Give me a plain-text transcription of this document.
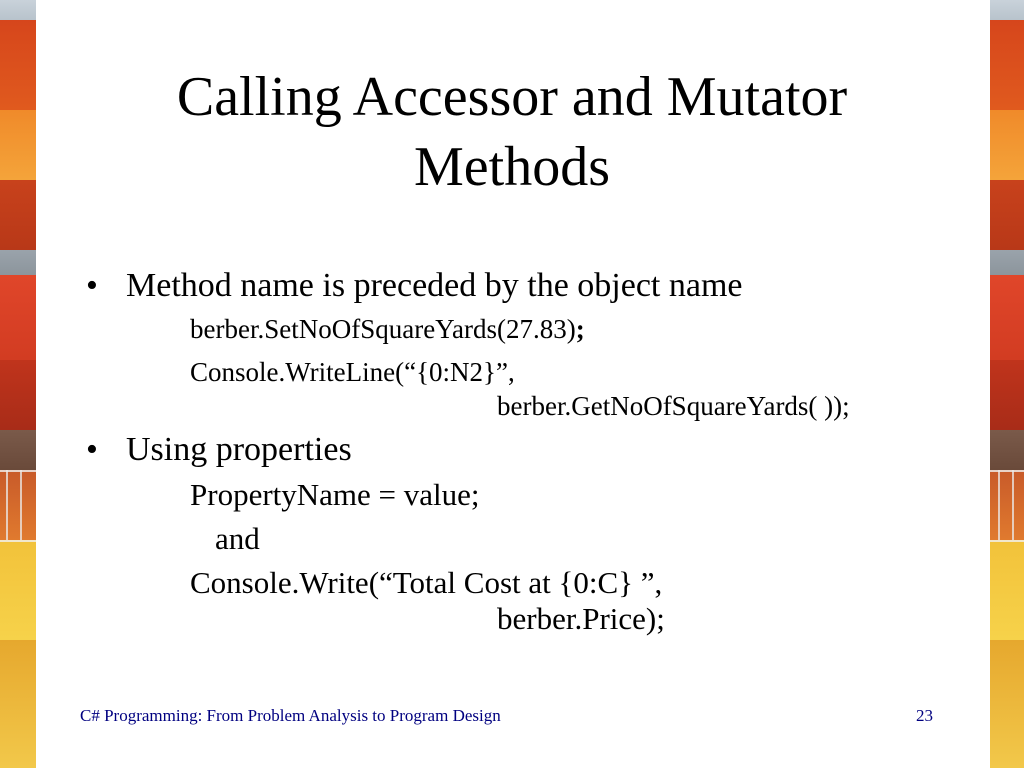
Calling Accessor and Mutator
Methods
• Method name is preceded by the object name
berber.SetNoOfSquareYards(27.83);
Console.WriteLine(“{0:N2}”,
berber.GetNoOfSquareYards( ));
• Using properties
PropertyName = value;
and
Console.Write(“Total Cost at {0:C} ”,
berber.Price);
C# Programming: From Problem Analysis to Program Design	23
